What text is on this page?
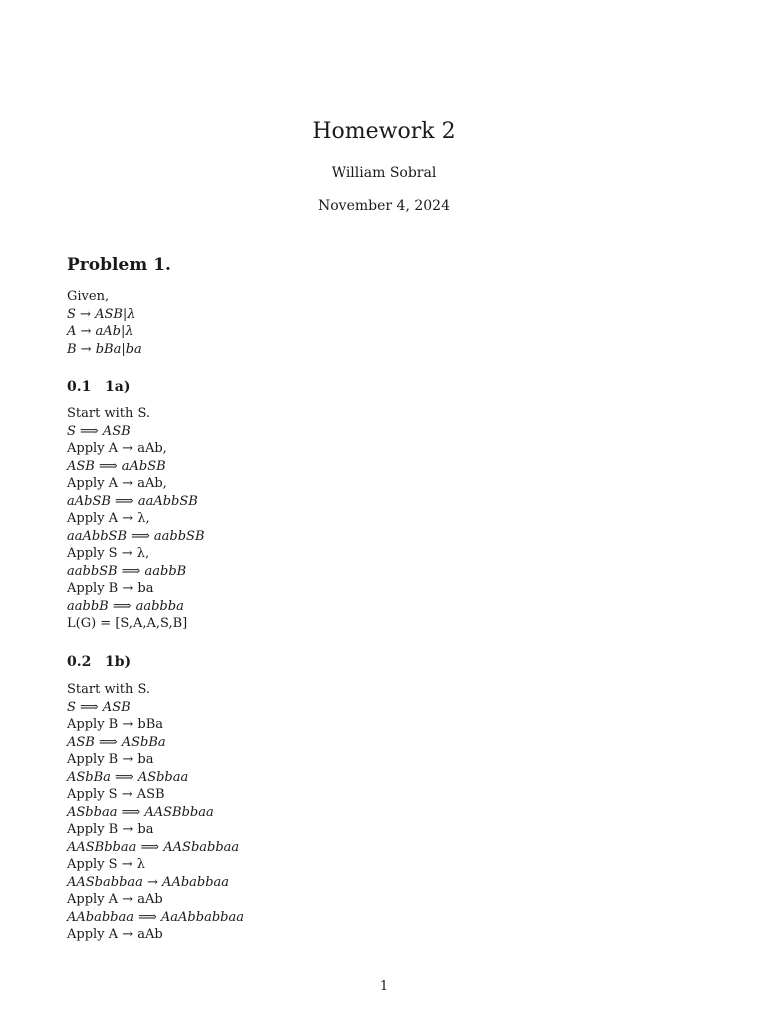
Homework 2
William Sobral
November 4, 2024
Problem 1.
Given,
S → ASB|λ
A → aAb|λ
B → bBa|ba
0.1 1a)
Start with S.
S ⟹ ASB
Apply A → aAb,
ASB ⟹ aAbSB
Apply A → aAb,
aAbSB ⟹ aaAbbSB
Apply A → λ,
aaAbbSB ⟹ aabbSB
Apply S → λ,
aabbSB ⟹ aabbB
Apply B → ba
aabbB ⟹ aabbba
L(G) = [S,A,A,S,B]
0.2 1b)
Start with S.
S ⟹ ASB
Apply B → bBa
ASB ⟹ ASbBa
Apply B → ba
ASbBa ⟹ ASbbaa
Apply S → ASB
ASbbaa ⟹ AASBbbaa
Apply B → ba
AASBbbaa ⟹ AASbabbaa
Apply S → λ
AASbabbaa → AAbabbaa
Apply A → aAb
AAbabbaa ⟹ AaAbbabbaa
Apply A → aAb
1
